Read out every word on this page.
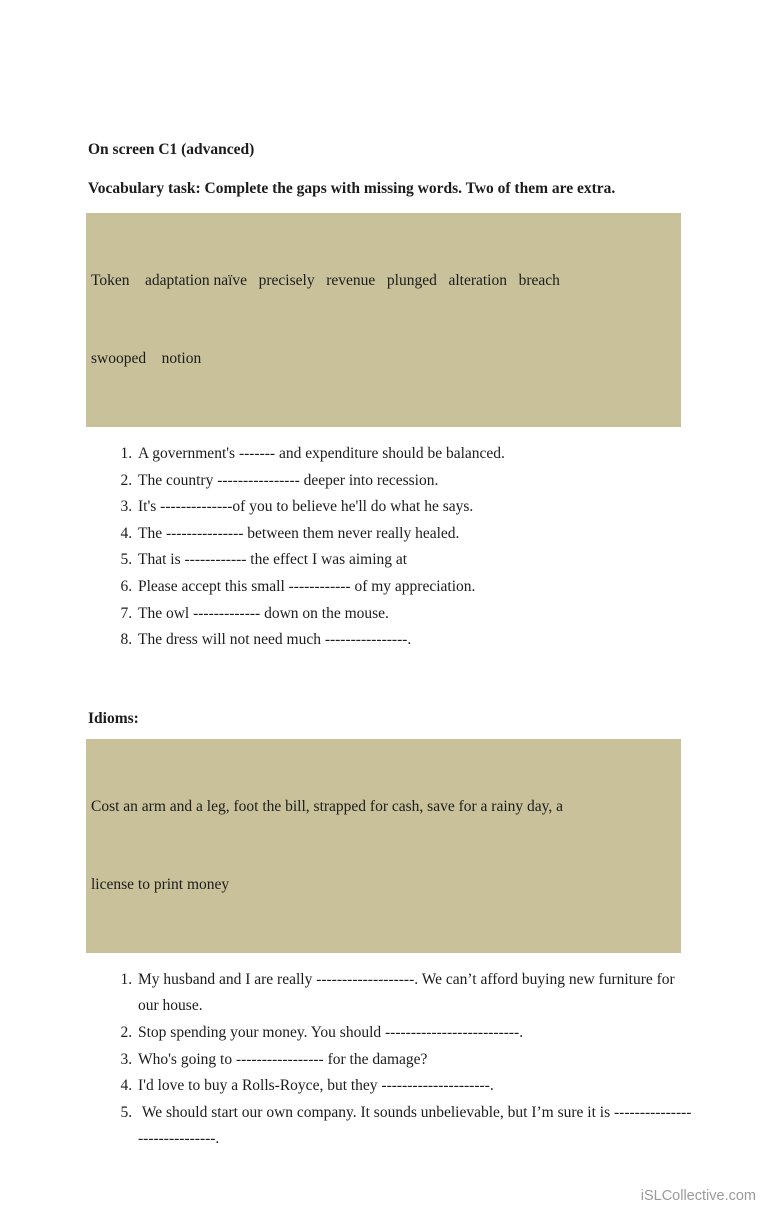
On screen C1 (advanced)
Vocabulary task: Complete the gaps with missing words. Two of them are extra.

Token    adaptation naïve   precisely   revenue   plunged   alteration   breach

swooped    notion

1. A government's ------- and expenditure should be balanced.
2. The country ---------------- deeper into recession.
3. It's --------------of you to believe he'll do what he says.
4. The --------------- between them never really healed.
5. That is ------------ the effect I was aiming at
6. Please accept this small ------------ of my appreciation.
7. The owl ------------- down on the mouse.
8. The dress will not need much ----------------.
Idioms:

Cost an arm and a leg, foot the bill, strapped for cash, save for a rainy day, a

license to print money

1. My husband and I are really -------------------. We can’t afford buying new furniture for our house.
2. Stop spending your money. You should --------------------------.
3. Who's going to ----------------- for the damage?
4. I'd love to buy a Rolls-Royce, but they ---------------------.
5.  We should start our own company. It sounds unbelievable, but I’m sure it is ------------------------------.
iSLCollective.com
